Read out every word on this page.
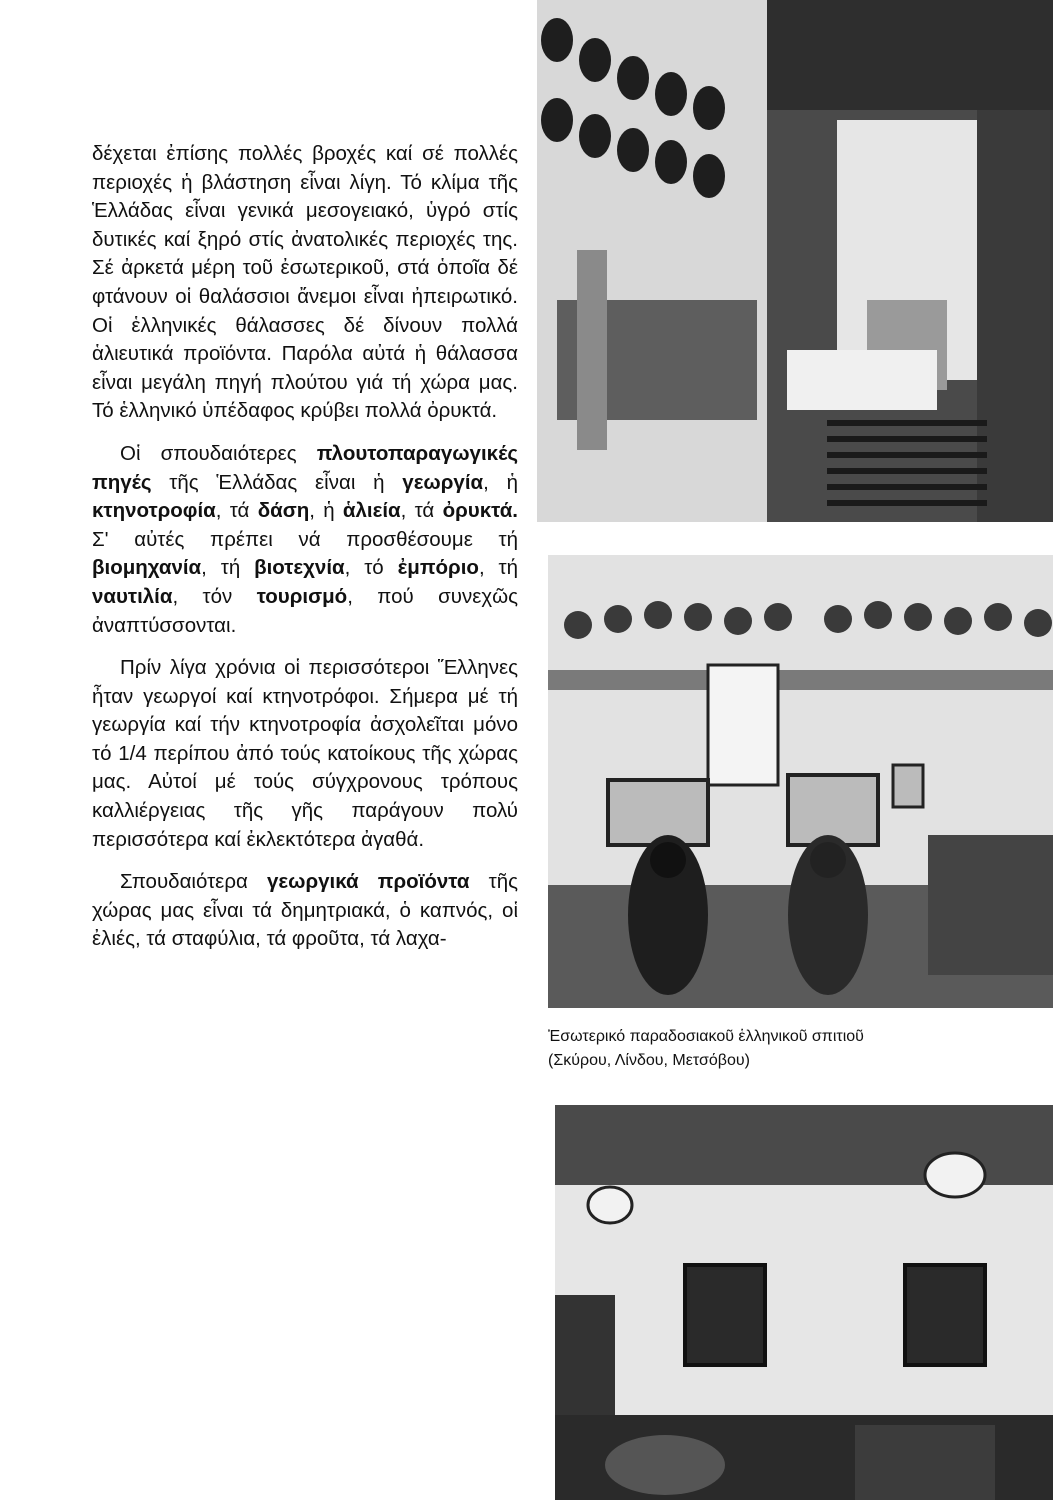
δέχεται ἐπίσης πολλές βροχές καί σέ πολλές περιοχές ἡ βλάστηση εἶναι λίγη. Τό κλίμα τῆς Ἑλλάδας εἶναι γενικά μεσογειακό, ὑγρό στίς δυτικές καί ξηρό στίς ἀνατολικές περιοχές της. Σέ ἀρκετά μέρη τοῦ ἐσωτερικοῦ, στά ὁποῖα δέ φτάνουν οἱ θαλάσσιοι ἄνεμοι εἶναι ἠπειρωτικό. Οἱ ἑλληνικές θάλασσες δέ δίνουν πολλά ἁλιευτικά προϊόντα. Παρόλα αὐτά ἡ θάλασσα εἶναι μεγάλη πηγή πλούτου γιά τή χώρα μας. Τό ἑλληνικό ὑπέδαφος κρύβει πολλά ὀρυκτά.

Οἱ σπουδαιότερες πλουτοπαραγωγικές πηγές τῆς Ἑλλάδας εἶναι ἡ γεωργία, ἡ κτηνοτροφία, τά δάση, ἡ ἁλιεία, τά ὀρυκτά. Σ' αὐτές πρέπει νά προσθέσουμε τή βιομηχανία, τή βιοτεχνία, τό ἐμπόριο, τή ναυτιλία, τόν τουρισμό, πού συνεχῶς ἀναπτύσσονται.

Πρίν λίγα χρόνια οἱ περισσότεροι Ἕλληνες ἦταν γεωργοί καί κτηνοτρόφοι. Σήμερα μέ τή γεωργία καί τήν κτηνοτροφία ἀσχολεῖται μόνο τό 1/4 περίπου ἀπό τούς κατοίκους τῆς χώρας μας. Αὐτοί μέ τούς σύγχρονους τρόπους καλλιέργειας τῆς γῆς παράγουν πολύ περισσότερα καί ἐκλεκτότερα ἀγαθά.

Σπουδαιότερα γεωργικά προϊόντα τῆς χώρας μας εἶναι τά δημητριακά, ὁ καπνός, οἱ ἐλιές, τά σταφύλια, τά φροῦτα, τά λαχα-

Ἐσωτερικό παραδοσιακοῦ ἑλληνικοῦ σπιτιοῦ
(Σκύρου, Λίνδου, Μετσόβου)
